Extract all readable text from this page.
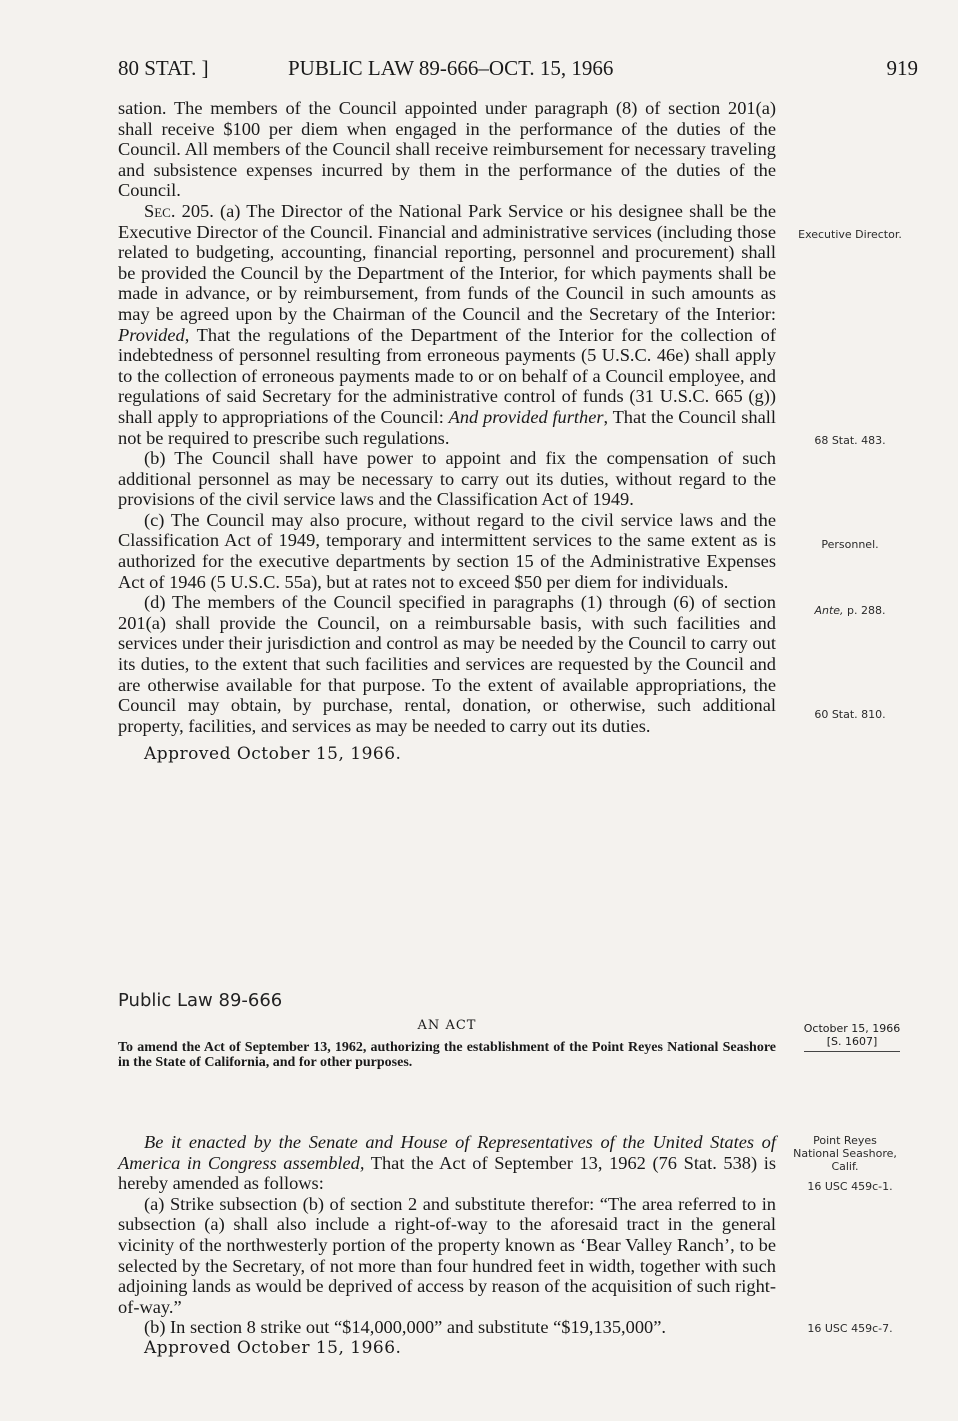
80 STAT. ]	PUBLIC LAW 89-666–OCT. 15, 1966	919

sation. The members of the Council appointed under paragraph (8) of section 201(a) shall receive $100 per diem when engaged in the performance of the duties of the Council. All members of the Council shall receive reimbursement for necessary traveling and subsistence expenses incurred by them in the performance of the duties of the Council.

Sec. 205. (a) The Director of the National Park Service or his designee shall be the Executive Director of the Council. Financial and administrative services (including those related to budgeting, accounting, financial reporting, personnel and procurement) shall be provided the Council by the Department of the Interior, for which payments shall be made in advance, or by reimbursement, from funds of the Council in such amounts as may be agreed upon by the Chairman of the Council and the Secretary of the Interior: Provided, That the regulations of the Department of the Interior for the collection of indebtedness of personnel resulting from erroneous payments (5 U.S.C. 46e) shall apply to the collection of erroneous payments made to or on behalf of a Council employee, and regulations of said Secretary for the administrative control of funds (31 U.S.C. 665 (g)) shall apply to appropriations of the Council: And provided further, That the Council shall not be required to prescribe such regulations.

(b) The Council shall have power to appoint and fix the compensation of such additional personnel as may be necessary to carry out its duties, without regard to the provisions of the civil service laws and the Classification Act of 1949.

(c) The Council may also procure, without regard to the civil service laws and the Classification Act of 1949, temporary and intermittent services to the same extent as is authorized for the executive departments by section 15 of the Administrative Expenses Act of 1946 (5 U.S.C. 55a), but at rates not to exceed $50 per diem for individuals.

(d) The members of the Council specified in paragraphs (1) through (6) of section 201(a) shall provide the Council, on a reimbursable basis, with such facilities and services under their jurisdiction and control as may be needed by the Council to carry out its duties, to the extent that such facilities and services are requested by the Council and are otherwise available for that purpose. To the extent of available appropriations, the Council may obtain, by purchase, rental, donation, or otherwise, such additional property, facilities, and services as may be needed to carry out its duties.

Approved October 15, 1966.

Executive Director.
68 Stat. 483.
Personnel.
Ante, p. 288.
60 Stat. 810.
Public Law 89-666
AN ACT
To amend the Act of September 13, 1962, authorizing the establishment of the Point Reyes National Seashore in the State of California, and for other purposes.
October 15, 1966
[S. 1607]

Be it enacted by the Senate and House of Representatives of the United States of America in Congress assembled, That the Act of September 13, 1962 (76 Stat. 538) is hereby amended as follows:

(a) Strike subsection (b) of section 2 and substitute therefor: “The area referred to in subsection (a) shall also include a right-of-way to the aforesaid tract in the general vicinity of the northwesterly portion of the property known as ‘Bear Valley Ranch’, to be selected by the Secretary, of not more than four hundred feet in width, together with such adjoining lands as would be deprived of access by reason of the acquisition of such right-of-way.”

(b) In section 8 strike out “$14,000,000” and substitute “$19,135,000”.

Approved October 15, 1966.

Point Reyes National Seashore, Calif.
16 USC 459c-1.
16 USC 459c-7.
